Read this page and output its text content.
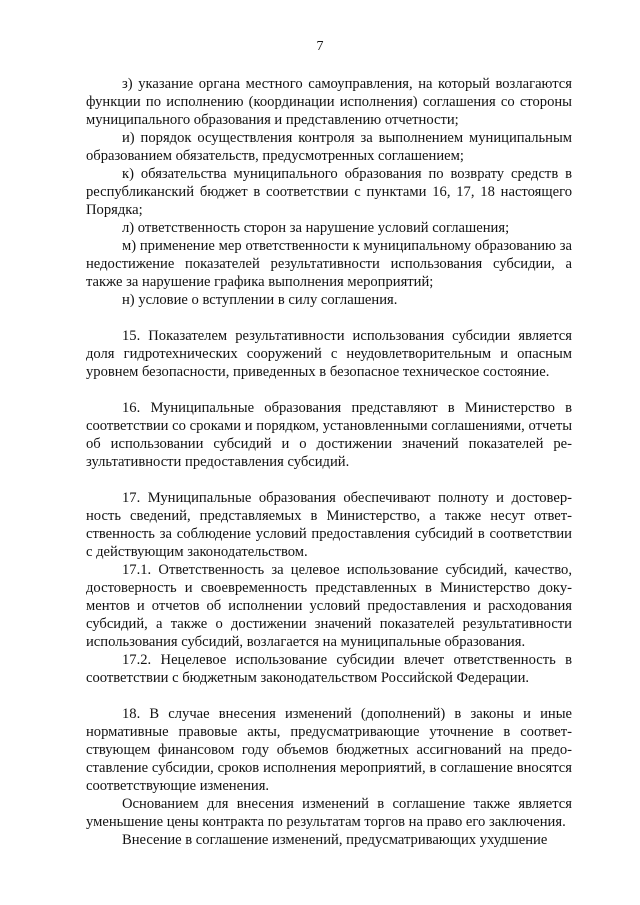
7

з) указание органа местного самоуправления, на который возлагаются функции по исполнению (координации исполнения) соглашения со стороны муниципального образования и представлению отчетности;

и) порядок осуществления контроля за выполнением муниципальным образованием обязательств, предусмотренных соглашением;

к) обязательства муниципального образования по возврату средств в республиканский бюджет в соответствии с пунктами 16, 17, 18 настоящего Порядка;

л) ответственность сторон за нарушение условий соглашения;

м) применение мер ответственности к муниципальному образованию за недостижение показателей результативности использования субсидии, а также за нарушение графика выполнения мероприятий;

н) условие о вступлении в силу соглашения.

15. Показателем результативности использования субсидии является доля гидротехнических сооружений с неудовлетворительным и опасным уровнем безопасности, приведенных в безопасное техническое состояние.

16. Муниципальные образования представляют в Министерство в соответствии со сроками и порядком, установленными соглашениями, отчеты об использовании субсидий и о достижении значений показателей результативности предоставления субсидий.

17. Муниципальные образования обеспечивают полноту и достоверность сведений, представляемых в Министерство, а также несут ответственность за соблюдение условий предоставления субсидий в соответствии с действующим законодательством.

17.1. Ответственность за целевое использование субсидий, качество, достоверность и своевременность представленных в Министерство документов и отчетов об исполнении условий предоставления и расходования субсидий, а также о достижении значений показателей результативности использования субсидий, возлагается на муниципальные образования.

17.2. Нецелевое использование субсидии влечет ответственность в соответствии с бюджетным законодательством Российской Федерации.

18. В случае внесения изменений (дополнений) в законы и иные нормативные правовые акты, предусматривающие уточнение в соответствующем финансовом году объемов бюджетных ассигнований на предоставление субсидии, сроков исполнения мероприятий, в соглашение вносятся соответствующие изменения.

Основанием для внесения изменений в соглашение также является уменьшение цены контракта по результатам торгов на право его заключения.

Внесение в соглашение изменений, предусматривающих ухудшение
